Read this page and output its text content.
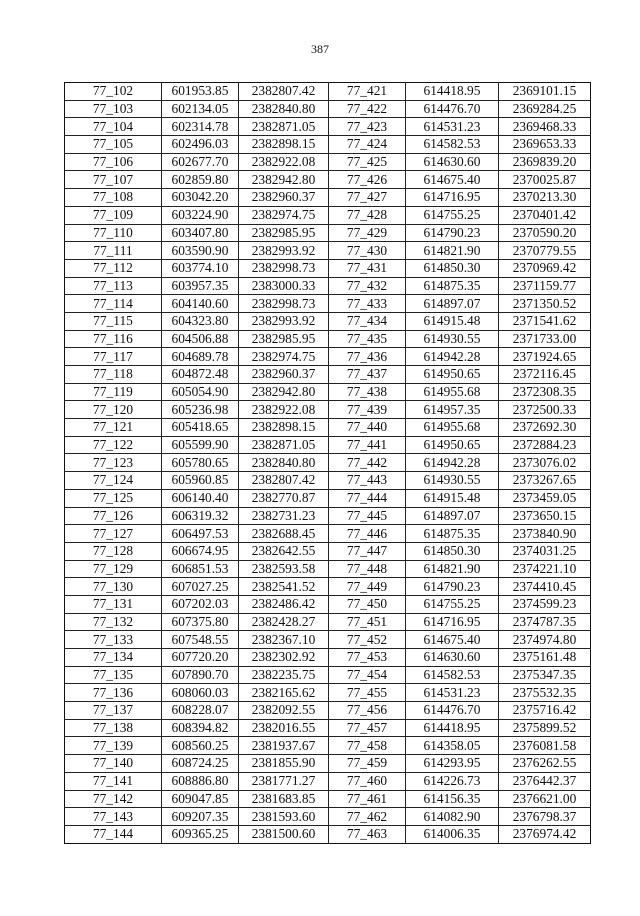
387
77_102	601953.85	2382807.42	77_421	614418.95	2369101.15
77_103	602134.05	2382840.80	77_422	614476.70	2369284.25
77_104	602314.78	2382871.05	77_423	614531.23	2369468.33
77_105	602496.03	2382898.15	77_424	614582.53	2369653.33
77_106	602677.70	2382922.08	77_425	614630.60	2369839.20
77_107	602859.80	2382942.80	77_426	614675.40	2370025.87
77_108	603042.20	2382960.37	77_427	614716.95	2370213.30
77_109	603224.90	2382974.75	77_428	614755.25	2370401.42
77_110	603407.80	2382985.95	77_429	614790.23	2370590.20
77_111	603590.90	2382993.92	77_430	614821.90	2370779.55
77_112	603774.10	2382998.73	77_431	614850.30	2370969.42
77_113	603957.35	2383000.33	77_432	614875.35	2371159.77
77_114	604140.60	2382998.73	77_433	614897.07	2371350.52
77_115	604323.80	2382993.92	77_434	614915.48	2371541.62
77_116	604506.88	2382985.95	77_435	614930.55	2371733.00
77_117	604689.78	2382974.75	77_436	614942.28	2371924.65
77_118	604872.48	2382960.37	77_437	614950.65	2372116.45
77_119	605054.90	2382942.80	77_438	614955.68	2372308.35
77_120	605236.98	2382922.08	77_439	614957.35	2372500.33
77_121	605418.65	2382898.15	77_440	614955.68	2372692.30
77_122	605599.90	2382871.05	77_441	614950.65	2372884.23
77_123	605780.65	2382840.80	77_442	614942.28	2373076.02
77_124	605960.85	2382807.42	77_443	614930.55	2373267.65
77_125	606140.40	2382770.87	77_444	614915.48	2373459.05
77_126	606319.32	2382731.23	77_445	614897.07	2373650.15
77_127	606497.53	2382688.45	77_446	614875.35	2373840.90
77_128	606674.95	2382642.55	77_447	614850.30	2374031.25
77_129	606851.53	2382593.58	77_448	614821.90	2374221.10
77_130	607027.25	2382541.52	77_449	614790.23	2374410.45
77_131	607202.03	2382486.42	77_450	614755.25	2374599.23
77_132	607375.80	2382428.27	77_451	614716.95	2374787.35
77_133	607548.55	2382367.10	77_452	614675.40	2374974.80
77_134	607720.20	2382302.92	77_453	614630.60	2375161.48
77_135	607890.70	2382235.75	77_454	614582.53	2375347.35
77_136	608060.03	2382165.62	77_455	614531.23	2375532.35
77_137	608228.07	2382092.55	77_456	614476.70	2375716.42
77_138	608394.82	2382016.55	77_457	614418.95	2375899.52
77_139	608560.25	2381937.67	77_458	614358.05	2376081.58
77_140	608724.25	2381855.90	77_459	614293.95	2376262.55
77_141	608886.80	2381771.27	77_460	614226.73	2376442.37
77_142	609047.85	2381683.85	77_461	614156.35	2376621.00
77_143	609207.35	2381593.60	77_462	614082.90	2376798.37
77_144	609365.25	2381500.60	77_463	614006.35	2376974.42
